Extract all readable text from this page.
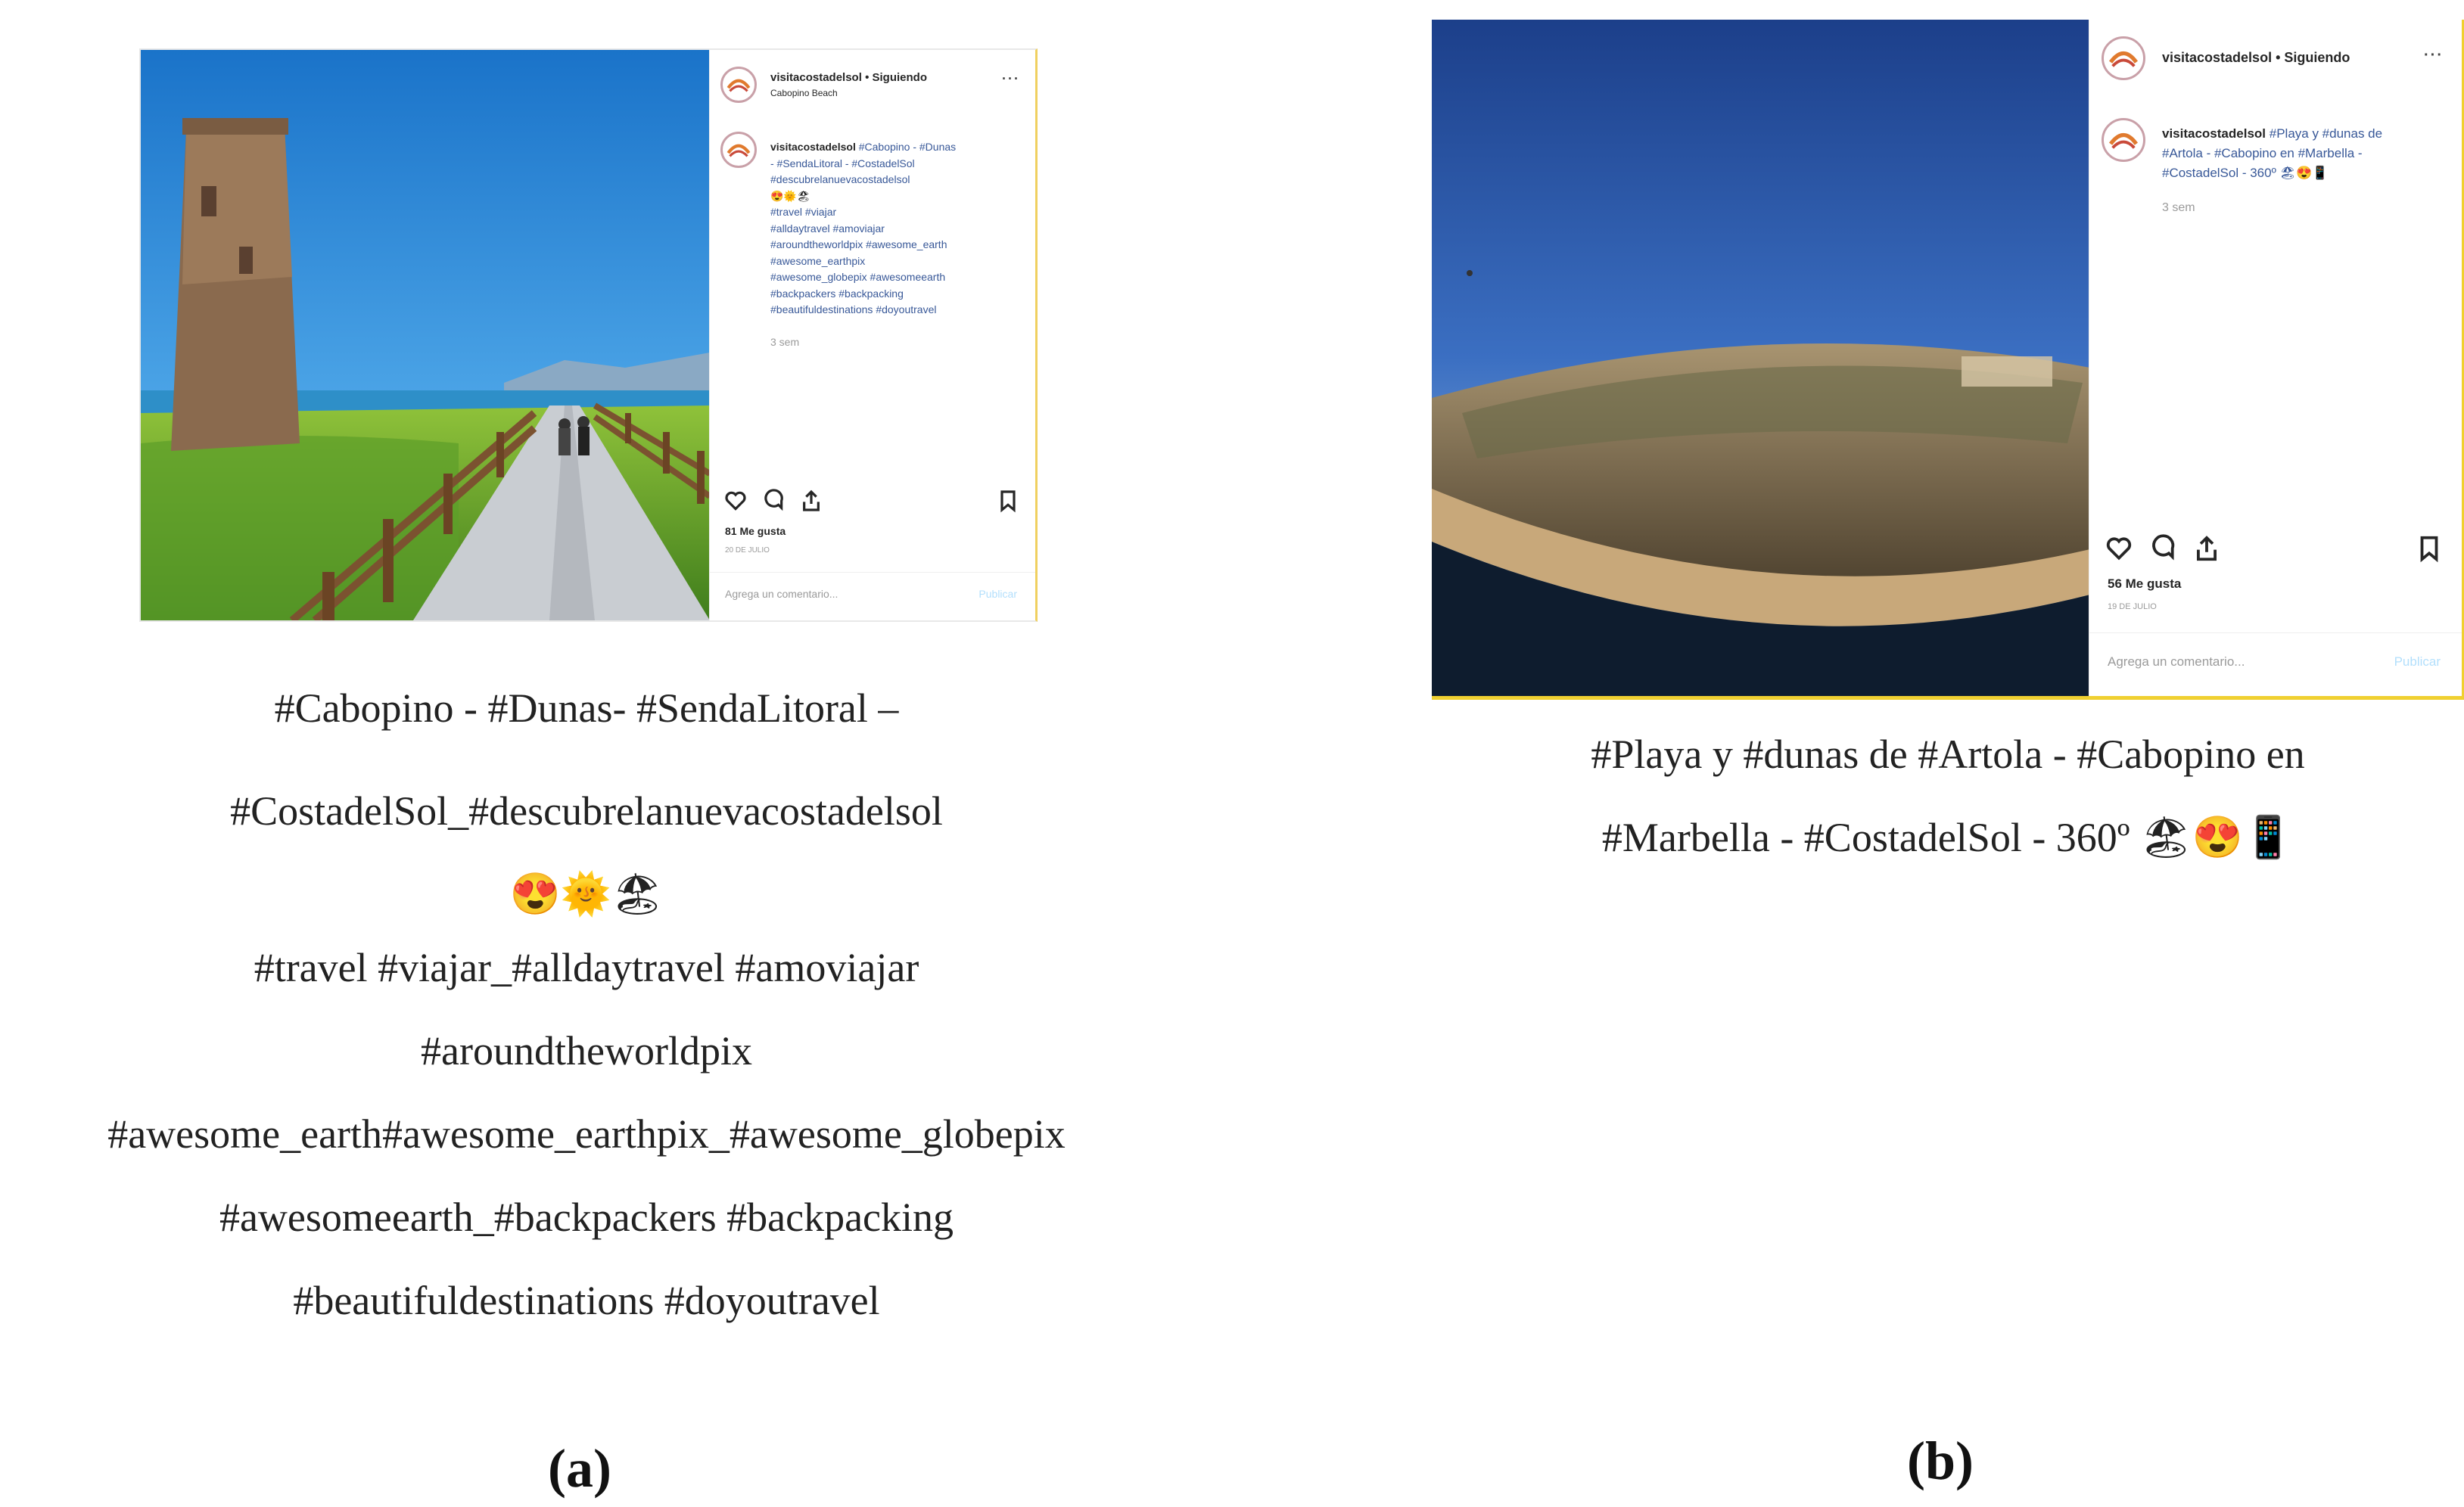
visitacostadelsol • Siguiendo
Cabopino Beach
···
visitacostadelsol #Cabopino - #Dunas
- #SendaLitoral - #CostadelSol
#descubrelanuevacostadelsol
😍🌞🏖
#travel #viajar
#alldaytravel #amoviajar
#aroundtheworldpix #awesome_earth
#awesome_earthpix
#awesome_globepix #awesomeearth
#backpackers #backpacking
#beautifuldestinations #doyoutravel
3 sem
81 Me gusta
20 DE JULIO
Agrega un comentario...	Publicar
#Cabopino - #Dunas- #SendaLitoral –
#CostadelSol_#descubrelanuevacostadelsol
😍🌞🏖
#travel #viajar_#alldaytravel #amoviajar
#aroundtheworldpix
#awesome_earth#awesome_earthpix_#awesome_globepix
#awesomeearth_#backpackers #backpacking
#beautifuldestinations #doyoutravel
(a)
visitacostadelsol • Siguiendo	···
visitacostadelsol #Playa y #dunas de
#Artola - #Cabopino en #Marbella -
#CostadelSol - 360º 🏖😍📱
3 sem
56 Me gusta
19 DE JULIO
Agrega un comentario...	Publicar
#Playa y #dunas de #Artola - #Cabopino en
#Marbella - #CostadelSol - 360º 🏖😍📱
(b)
